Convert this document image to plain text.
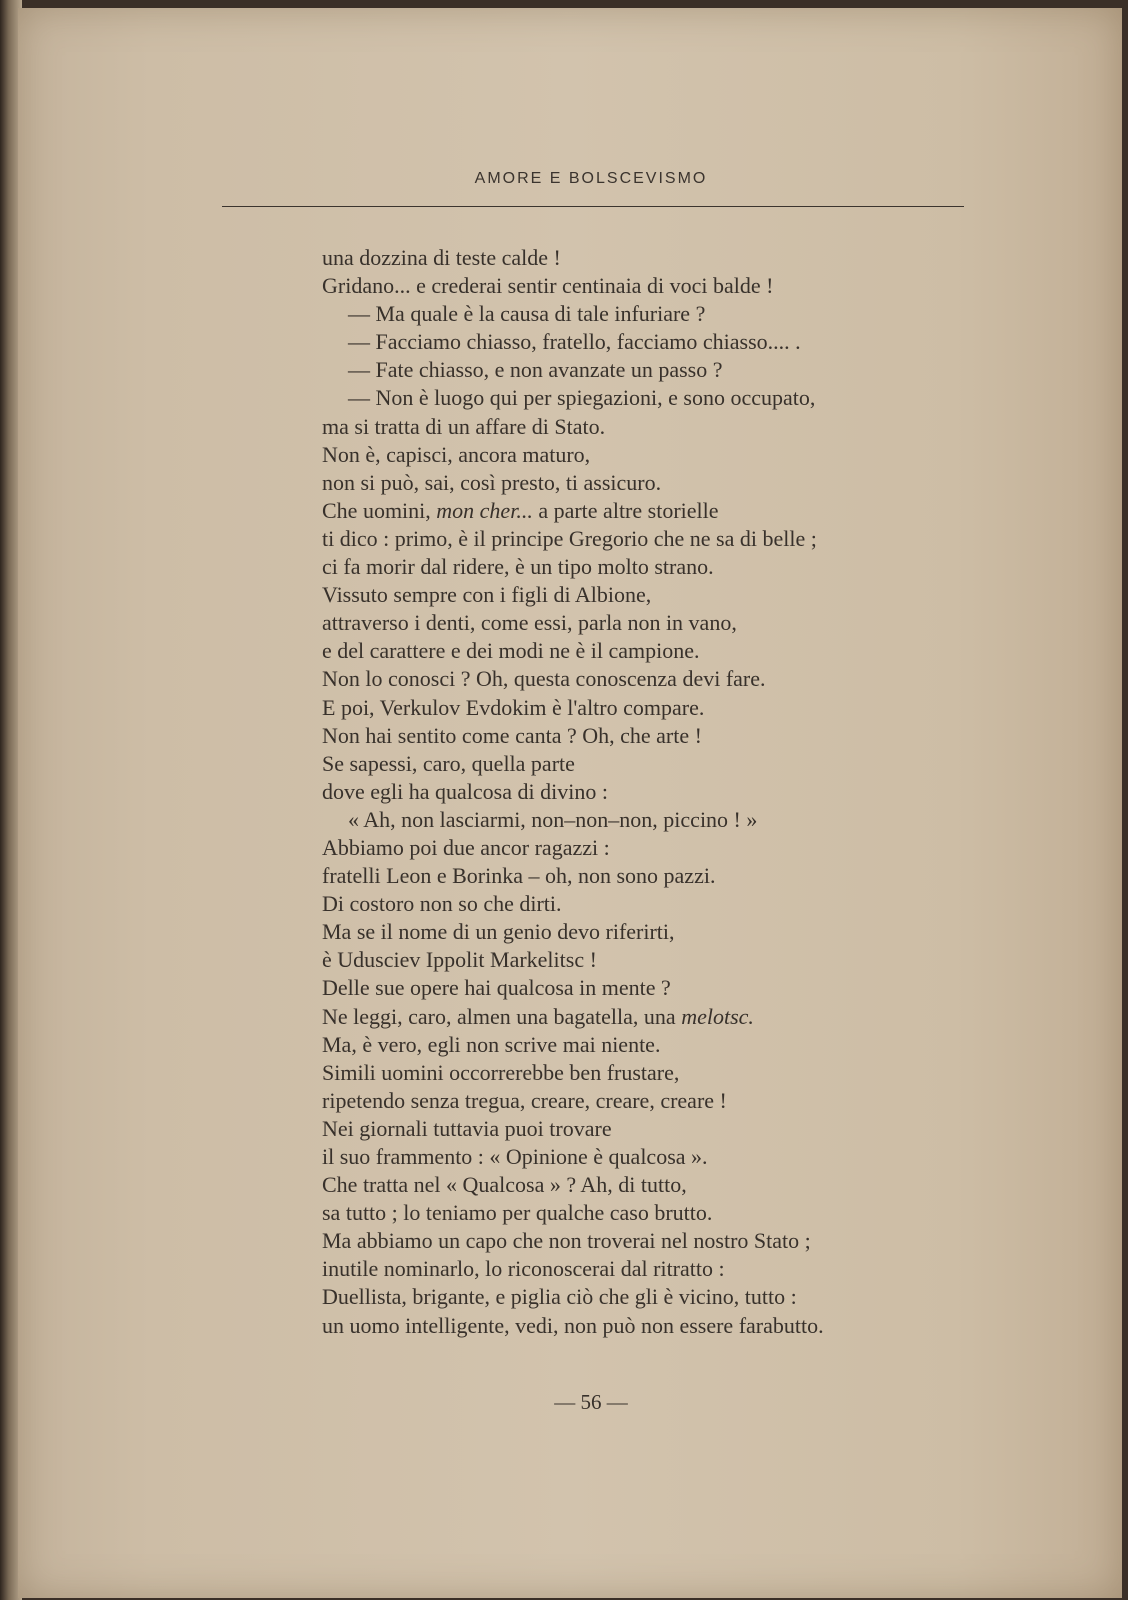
AMORE E BOLSCEVISMO
una dozzina di teste calde !
Gridano... e crederai sentir centinaia di voci balde !
— Ma quale è la causa di tale infuriare ?
— Facciamo chiasso, fratello, facciamo chiasso.... .
— Fate chiasso, e non avanzate un passo ?
— Non è luogo qui per spiegazioni, e sono occupato,
ma si tratta di un affare di Stato.
Non è, capisci, ancora maturo,
non si può, sai, così presto, ti assicuro.
Che uomini, mon cher... a parte altre storielle
ti dico : primo, è il principe Gregorio che ne sa di belle ;
ci fa morir dal ridere, è un tipo molto strano.
Vissuto sempre con i figli di Albione,
attraverso i denti, come essi, parla non in vano,
e del carattere e dei modi ne è il campione.
Non lo conosci ? Oh, questa conoscenza devi fare.
E poi, Verkulov Evdokim è l'altro compare.
Non hai sentito come canta ? Oh, che arte !
Se sapessi, caro, quella parte
dove egli ha qualcosa di divino :
« Ah, non lasciarmi, non–non–non, piccino ! »
Abbiamo poi due ancor ragazzi :
fratelli Leon e Borinka – oh, non sono pazzi.
Di costoro non so che dirti.
Ma se il nome di un genio devo riferirti,
è Udusciev Ippolit Markelitsc !
Delle sue opere hai qualcosa in mente ?
Ne leggi, caro, almen una bagatella, una melotsc.
Ma, è vero, egli non scrive mai niente.
Simili uomini occorrerebbe ben frustare,
ripetendo senza tregua, creare, creare, creare !
Nei giornali tuttavia puoi trovare
il suo frammento : « Opinione è qualcosa ».
Che tratta nel « Qualcosa » ? Ah, di tutto,
sa tutto ; lo teniamo per qualche caso brutto.
Ma abbiamo un capo che non troverai nel nostro Stato ;
inutile nominarlo, lo riconoscerai dal ritratto :
Duellista, brigante, e piglia ciò che gli è vicino, tutto :
un uomo intelligente, vedi, non può non essere farabutto.
— 56 —
